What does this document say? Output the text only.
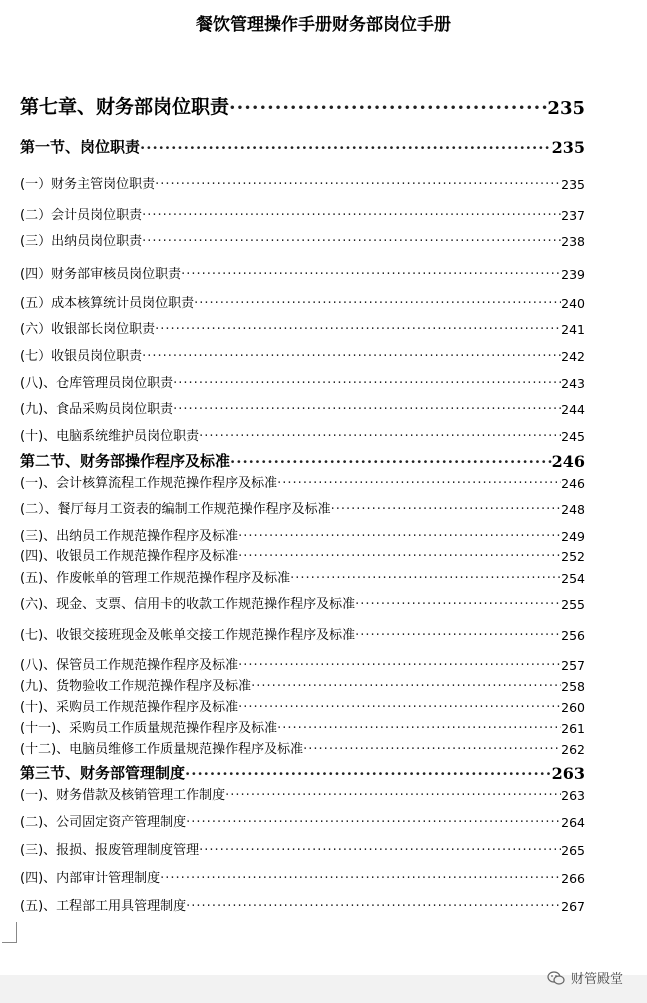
餐饮管理操作手册财务部岗位手册
第七章、财务部岗位职责 ·····	235
第一节、岗位职责 ·····	235
(一）财务主管岗位职责 ·····	235
(二）会计员岗位职责 ·····	237
(三）出纳员岗位职责 ·····	238
(四）财务部审核员岗位职责 ·····	239
(五）成本核算统计员岗位职责 ·····	240
(六）收银部长岗位职责 ·····	241
(七）收银员岗位职责 ·····	242
(八)、仓库管理员岗位职责 ·····	243
(九)、食品采购员岗位职责 ·····	244
(十)、电脑系统维护员岗位职责 ·····	245
第二节、财务部操作程序及标准 ·····	246
(一)、会计核算流程工作规范操作程序及标准 ·····	246
(二）、餐厅每月工资表的编制工作规范操作程序及标准 ·····	248
(三)、出纳员工作规范操作程序及标准 ·····	249
(四)、收银员工作规范操作程序及标准 ·····	252
(五)、作废帐单的管理工作规范操作程序及标准 ·····	254
(六)、现金、支票、信用卡的收款工作规范操作程序及标准 ·····	255
(七)、收银交接班现金及帐单交接工作规范操作程序及标准 ·····	256
(八)、保管员工作规范操作程序及标准 ·····	257
(九)、货物验收工作规范操作程序及标准 ·····	258
(十)、采购员工作规范操作程序及标准 ·····	260
(十一)、采购员工作质量规范操作程序及标准 ·····	261
(十二)、电脑员维修工作质量规范操作程序及标准 ·····	262
第三节、财务部管理制度 ·····	263
(一)、财务借款及核销管理工作制度 ·····	263
(二)、公司固定资产管理制度 ·····	264
(三)、报损、报废管理制度管理 ·····	265
(四)、内部审计管理制度 ·····	266
(五)、工程部工用具管理制度 ·····	267
财管殿堂
